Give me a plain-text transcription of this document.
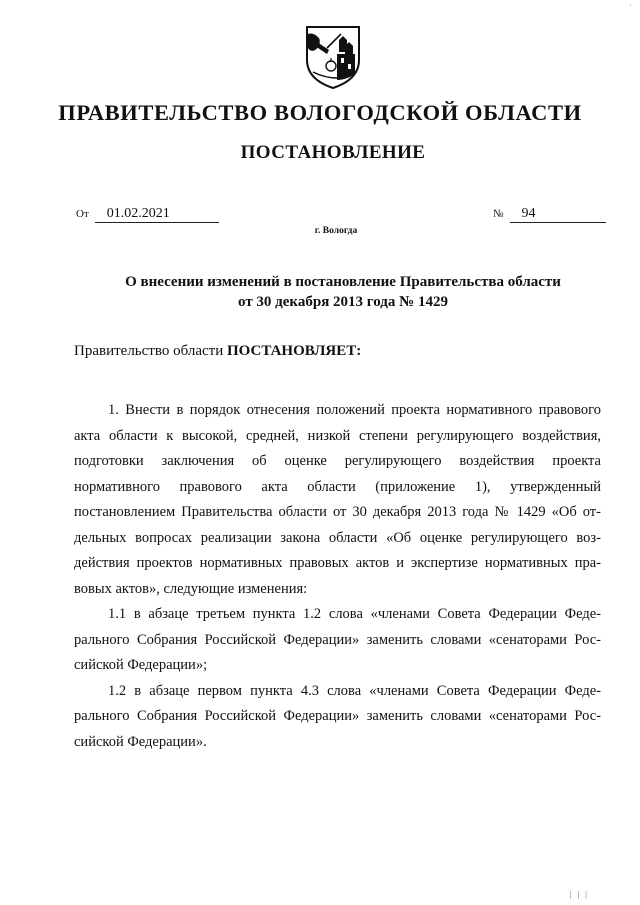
·
ПРАВИТЕЛЬСТВО ВОЛОГОДСКОЙ ОБЛАСТИ
ПОСТАНОВЛЕНИЕ
От 01.02.2021	№ 94
г. Вологда
О внесении изменений в постановление Правительства области
от 30 декабря 2013 года № 1429
Правительство области ПОСТАНОВЛЯЕТ:

1. Внести в порядок отнесения положений проекта нормативного правового акта области к высокой, средней, низкой степени регулирующего воздействия, подготовки заключения об оценке регулирующего воздействия проекта нормативного правового акта области (приложение 1), утвержденный постановлением Правительства области от 30 декабря 2013 года № 1429 «Об отдельных вопросах реализации закона области «Об оценке регулирующего воздействия проектов нормативных правовых актов и экспертизе нормативных правовых актов», следующие изменения:

1.1 в абзаце третьем пункта 1.2 слова «членами Совета Федерации Федерального Собрания Российской Федерации» заменить словами «сенаторами Российской Федерации»;

1.2 в абзаце первом пункта 4.3 слова «членами Совета Федерации Федерального Собрания Российской Федерации» заменить словами «сенаторами Российской Федерации».

| | |
